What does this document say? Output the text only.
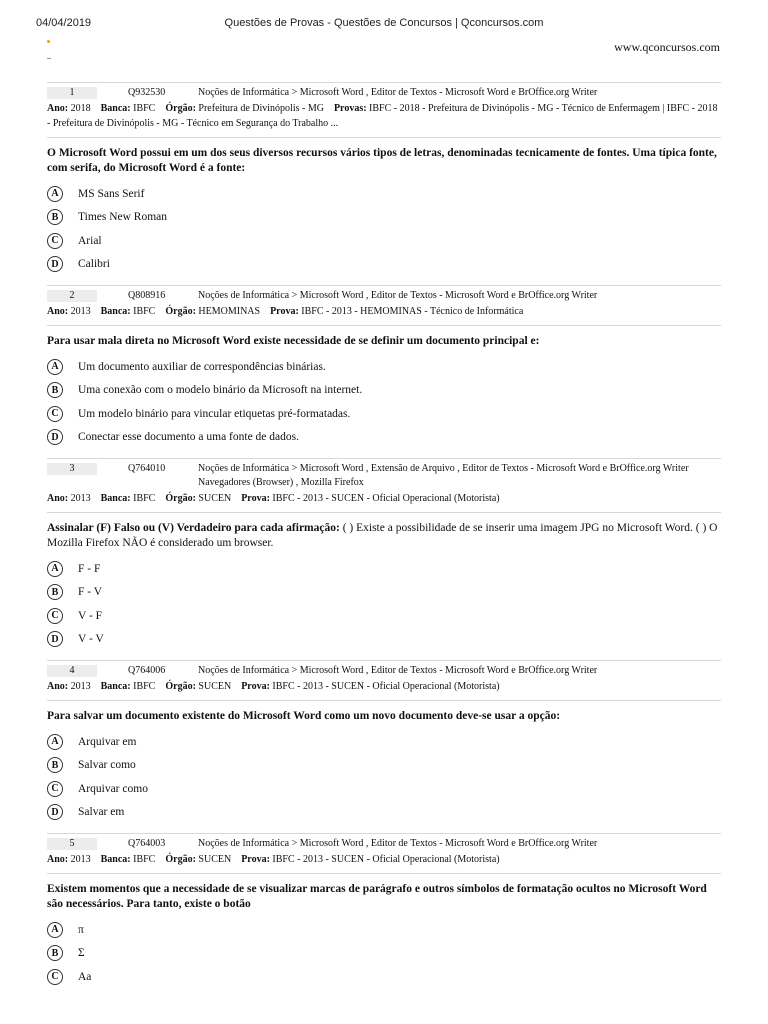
04/04/2019	Questões de Provas - Questões de Concursos | Qconcursos.com
www.qconcursos.com
1	Q932530	Noções de Informática > Microsoft Word , Editor de Textos - Microsoft Word e BrOffice.org Writer
Ano: 2018 Banca: IBFC Órgão: Prefeitura de Divinópolis - MG Provas: IBFC - 2018 - Prefeitura de Divinópolis - MG - Técnico de Enfermagem | IBFC - 2018 - Prefeitura de Divinópolis - MG - Técnico em Segurança do Trabalho ...
O Microsoft Word possui em um dos seus diversos recursos vários tipos de letras, denominadas tecnicamente de fontes. Uma típica fonte, com serifa, do Microsoft Word é a fonte:
A	MS Sans Serif
B	Times New Roman
C	Arial
D	Calibri
2	Q808916	Noções de Informática > Microsoft Word , Editor de Textos - Microsoft Word e BrOffice.org Writer
Ano: 2013 Banca: IBFC Órgão: HEMOMINAS Prova: IBFC - 2013 - HEMOMINAS - Técnico de Informática
Para usar mala direta no Microsoft Word existe necessidade de se definir um documento principal e:
A	Um documento auxiliar de correspondências binárias.
B	Uma conexão com o modelo binário da Microsoft na internet.
C	Um modelo binário para vincular etiquetas pré-formatadas.
D	Conectar esse documento a uma fonte de dados.
3	Q764010	Noções de Informática > Microsoft Word , Extensão de Arquivo , Editor de Textos - Microsoft Word e BrOffice.org Writer Navegadores (Browser) , Mozilla Firefox
Ano: 2013 Banca: IBFC Órgão: SUCEN Prova: IBFC - 2013 - SUCEN - Oficial Operacional (Motorista)
Assinalar (F) Falso ou (V) Verdadeiro para cada afirmação: ( ) Existe a possibilidade de se inserir uma imagem JPG no Microsoft Word. ( ) O Mozilla Firefox NÃO é considerado um browser.
A	F - F
B	F - V
C	V - F
D	V - V
4	Q764006	Noções de Informática > Microsoft Word , Editor de Textos - Microsoft Word e BrOffice.org Writer
Ano: 2013 Banca: IBFC Órgão: SUCEN Prova: IBFC - 2013 - SUCEN - Oficial Operacional (Motorista)
Para salvar um documento existente do Microsoft Word como um novo documento deve-se usar a opção:
A	Arquivar em
B	Salvar como
C	Arquivar como
D	Salvar em
5	Q764003	Noções de Informática > Microsoft Word , Editor de Textos - Microsoft Word e BrOffice.org Writer
Ano: 2013 Banca: IBFC Órgão: SUCEN Prova: IBFC - 2013 - SUCEN - Oficial Operacional (Motorista)
Existem momentos que a necessidade de se visualizar marcas de parágrafo e outros símbolos de formatação ocultos no Microsoft Word são necessários. Para tanto, existe o botão
A	π
B	Σ
C	Aa
